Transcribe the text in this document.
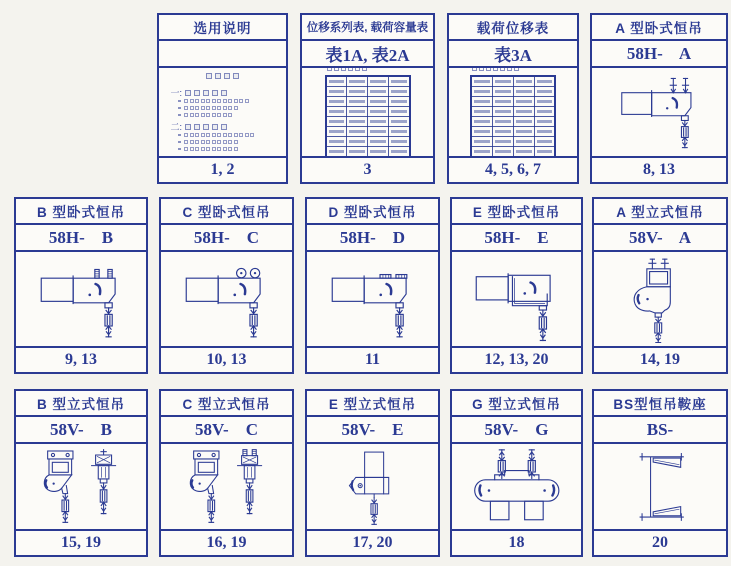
选用说明
一:
二:
1, 2
位移系列表, 载荷容量表
表1A, 表2A

3
载荷位移表
表3A

4, 5, 6, 7
A 型卧式恒吊
58H-    A
8, 13
B 型卧式恒吊
58H-    B
9, 13
C 型卧式恒吊
58H-    C
10, 13
D 型卧式恒吊
58H-    D
11
E 型卧式恒吊
58H-    E
12, 13, 20
A 型立式恒吊
58V-    A
14, 19
B 型立式恒吊
58V-    B
15, 19
C 型立式恒吊
58V-    C
16, 19
E 型立式恒吊
58V-    E
17, 20
G 型立式恒吊
58V-    G
18
BS型恒吊鞍座
BS-
20
